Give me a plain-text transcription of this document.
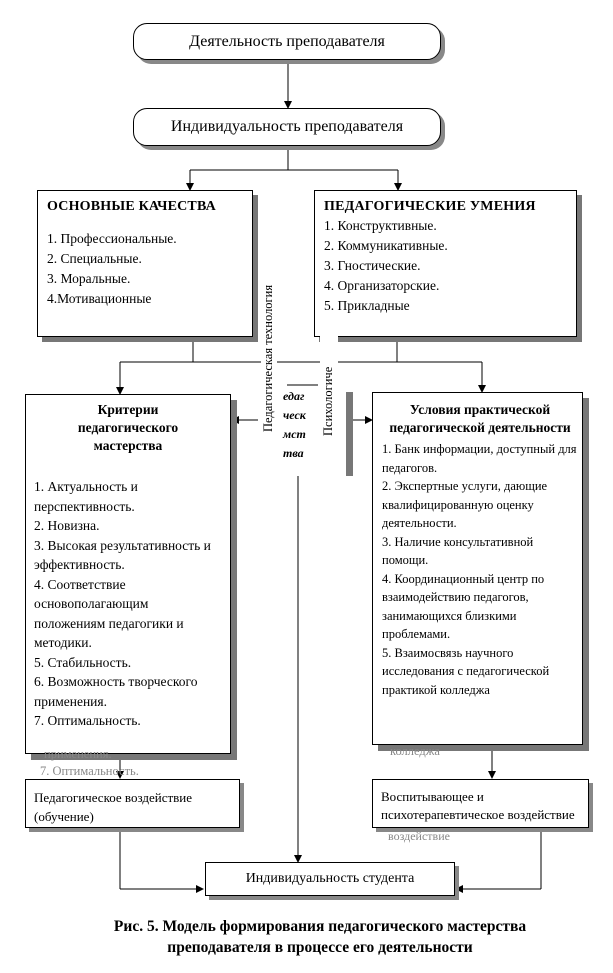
Деятельность преподавателя
Индивидуальность преподавателя
ОСНОВНЫЕ КАЧЕСТВА
1. Профессиональные.
2. Специальные.
3. Моральные.
4.Мотивационные
ПЕДАГОГИЧЕСКИЕ УМЕНИЯ
1. Конструктивные.
2. Коммуникативные.
3. Гностические.
4. Организаторские.
5. Прикладные
Педагогическая технология	Психологиче
едаг
ческ
мст
тва
Критерии педагогического мастерства
1. Актуальность и перспективность.
2. Новизна.
3. Высокая результативность и эффективность.
4. Соответствие основополагающим положениям педагогики и методики.
5. Стабильность.
6. Возможность творческого применения.
7. Оптимальность.
применения.
7. Оптимальность.
Условия практической педагогической деятельности
1. Банк информации, доступный для педагогов.
2. Экспертные услуги, дающие квалифицированную оценку деятельности.
3. Наличие консультативной помощи.
4. Координационный центр по взаимодействию педагогов, занимающихся близкими проблемами.
5. Взаимосвязь научного исследования с педагогической практикой колледжа
колледжа
Педагогическое воздействие (обучение)
Воспитывающее и психотерапевтическое воздействие
воздействие
Индивидуальность студента
Рис. 5. Модель формирования педагогического мастерства
преподавателя в процессе его деятельности
